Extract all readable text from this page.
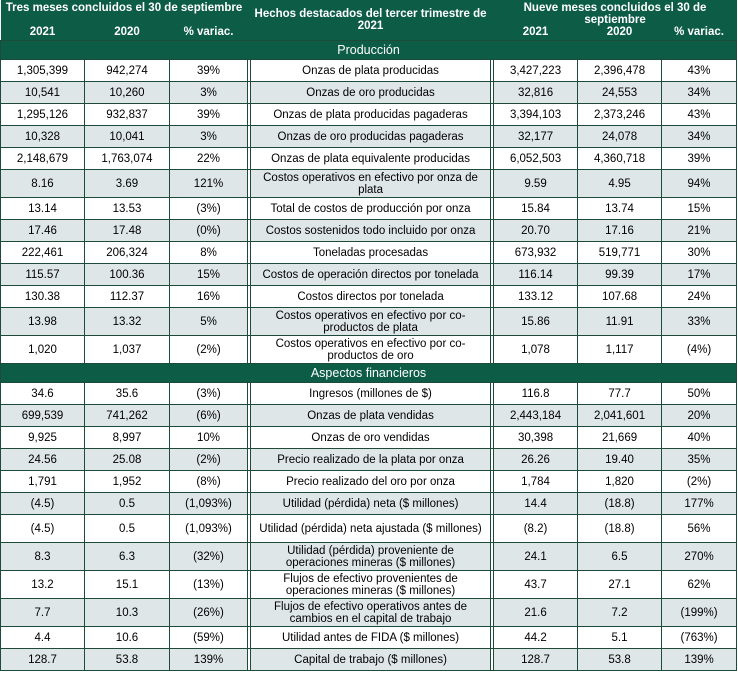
Tres meses concluidos el 30 de septiembre				Hechos destacados del tercer trimestre de 2021		Nueve meses concluidos el 30 de septiembre		
2021	2020	% variac.				2021	2020	% variac.
Producción								
1,305,399	942,274	39%		Onzas de plata producidas		3,427,223	2,396,478	43%
10,541	10,260	3%		Onzas de oro producidas		32,816	24,553	34%
1,295,126	932,837	39%		Onzas de plata producidas pagaderas		3,394,103	2,373,246	43%
10,328	10,041	3%		Onzas de oro producidas pagaderas		32,177	24,078	34%
2,148,679	1,763,074	22%		Onzas de plata equivalente producidas		6,052,503	4,360,718	39%
8.16	3.69	121%		Costos operativos en efectivo por onza de plata		9.59	4.95	94%
13.14	13.53	(3%)		Total de costos de producción por onza		15.84	13.74	15%
17.46	17.48	(0%)		Costos sostenidos todo incluido por onza		20.70	17.16	21%
222,461	206,324	8%		Toneladas procesadas		673,932	519,771	30%
115.57	100.36	15%		Costos de operación directos por tonelada		116.14	99.39	17%
130.38	112.37	16%		Costos directos por tonelada		133.12	107.68	24%
13.98	13.32	5%		Costos operativos en efectivo por co-productos de plata		15.86	11.91	33%
1,020	1,037	(2%)		Costos operativos en efectivo por co-productos de oro		1,078	1,117	(4%)
Aspectos financieros								
34.6	35.6	(3%)		Ingresos (millones de $)		116.8	77.7	50%
699,539	741,262	(6%)		Onzas de plata vendidas		2,443,184	2,041,601	20%
9,925	8,997	10%		Onzas de oro vendidas		30,398	21,669	40%
24.56	25.08	(2%)		Precio realizado de la plata por onza		26.26	19.40	35%
1,791	1,952	(8%)		Precio realizado del oro por onza		1,784	1,820	(2%)
(4.5)	0.5	(1,093%)		Utilidad (pérdida) neta ($ millones)		14.4	(18.8)	177%
(4.5)	0.5	(1,093%)		Utilidad (pérdida) neta ajustada ($ millones)		(8.2)	(18.8)	56%
8.3	6.3	(32%)		Utilidad (pérdida) proveniente de operaciones mineras ($ millones)		24.1	6.5	270%
13.2	15.1	(13%)		Flujos de efectivo provenientes de operaciones mineras ($ millones)		43.7	27.1	62%
7.7	10.3	(26%)		Flujos de efectivo operativos antes de cambios en el capital de trabajo		21.6	7.2	(199%)
4.4	10.6	(59%)		Utilidad antes de FIDA ($ millones)		44.2	5.1	(763%)
128.7	53.8	139%		Capital de trabajo ($ millones)		128.7	53.8	139%
